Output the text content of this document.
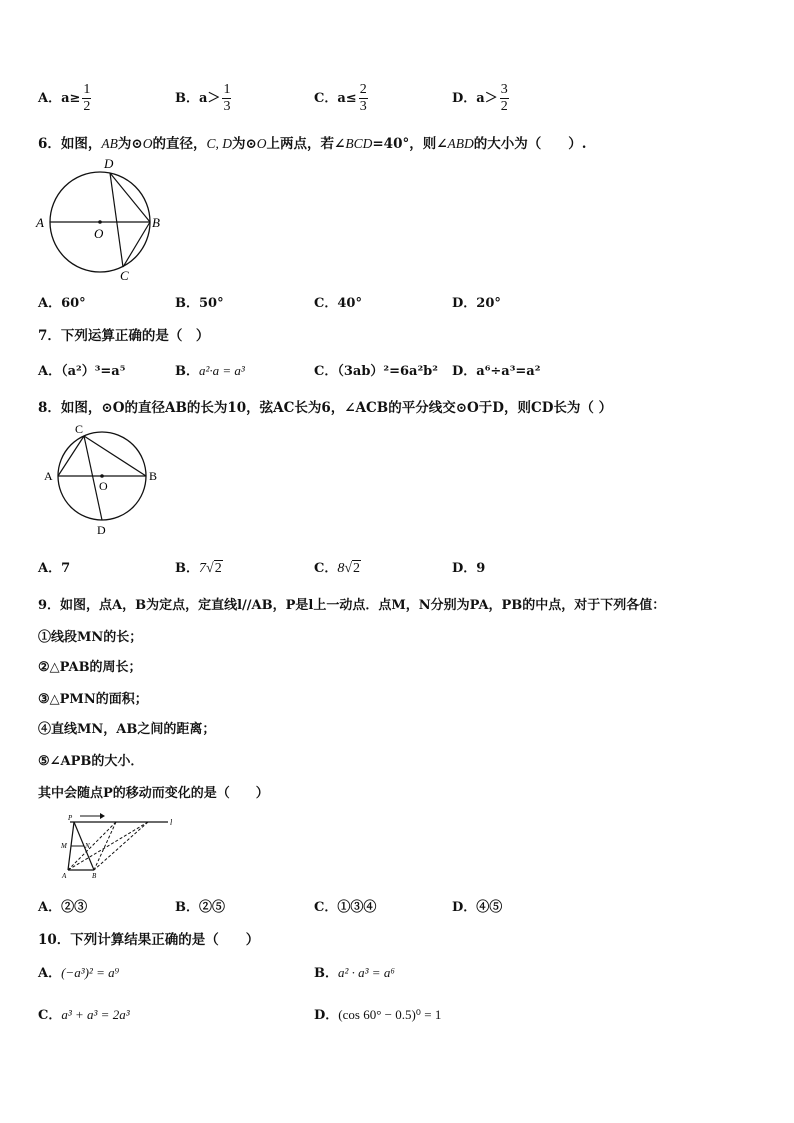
A．$a\ge \frac{1}{2}$	B．$a> \frac{1}{3}$	C．$a\le \frac{2}{3}$	D．$a> \frac{3}{2}$
6．如图，AB为⊙O的直径，C, D为⊙O上两点，若∠BCD=40°，则∠ABD的大小为（　　）.
A	B
C
D
O
A．60°	B．50°	C．40°	D．20°
7．下列运算正确的是（　）
A．（a²）³=a⁵	B．a²·a = a³	C．（3ab）²=6a²b² D．a⁶÷a³=a²
8．如图，⊙O的直径AB的长为10，弦AC长为6，∠ACB的平分线交⊙O于D，则CD长为（ ）
A	B
C
D
O
A．7	B．7√2	C．8√2	D．9
9．如图，点A，B为定点，定直线l//AB，P是l上一动点．点M，N分别为PA，PB的中点，对于下列各值：
①线段MN的长；
②△PAB的周长；
③△PMN的面积；
④直线MN，AB之间的距离；
⑤∠APB的大小．
其中会随点P的移动而变化的是（　　）
P	l
M	N
A	B
A．②③	B．②⑤	C．①③④	D．④⑤
10．下列计算结果正确的是（　　）
A．(−a³)² = a⁹	B．a² · a³ = a⁶
C．a³ + a³ = 2a³	D．(cos 60° − 0.5)⁰ = 1
